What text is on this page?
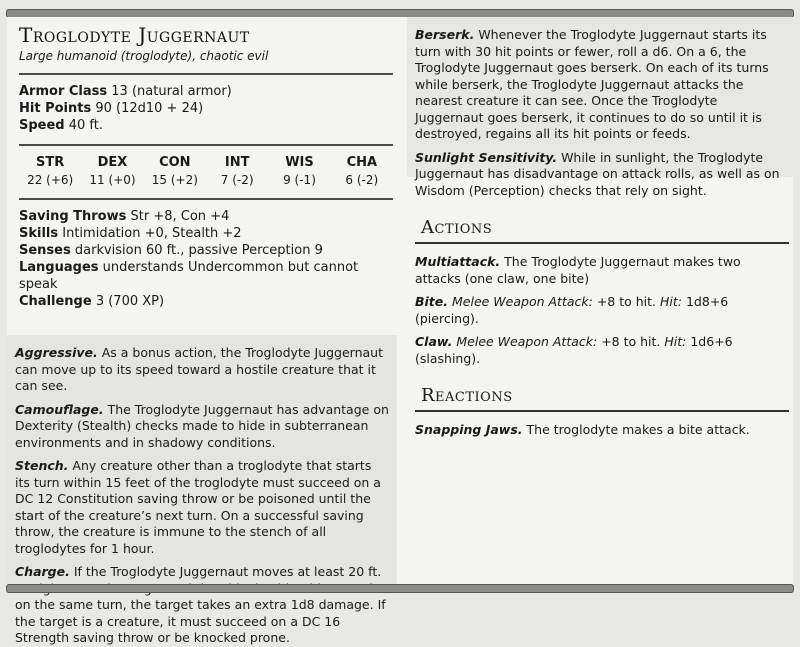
Troglodyte Juggernaut
Large humanoid (troglodyte), chaotic evil
Armor Class 13 (natural armor)
Hit Points 90 (12d10 + 24)
Speed 40 ft.
STR
22 (+6)
DEX
11 (+0)
CON
15 (+2)
INT
7 (-2)
WIS
9 (-1)
CHA
6 (-2)
Saving Throws Str +8, Con +4
Skills Intimidation +0, Stealth +2
Senses darkvision 60 ft., passive Perception 9
Languages understands Undercommon but cannot speak
Challenge 3 (700 XP)
Aggressive. As a bonus action, the Troglodyte Juggernaut can move up to its speed toward a hostile creature that it can see.
Camouflage. The Troglodyte Juggernaut has advantage on Dexterity (Stealth) checks made to hide in subterranean environments and in shadowy conditions.
Stench. Any creature other than a troglodyte that starts its turn within 15 feet of the troglodyte must succeed on a DC 12 Constitution saving throw or be poisoned until the start of the creature’s next turn. On a successful saving throw, the creature is immune to the stench of all troglodytes for 1 hour.
Charge. If the Troglodyte Juggernaut moves at least 20 ft. on the same turn, the target takes an extra 1d8 damage. If the target is a creature, it must succeed on a DC 16 Strength saving throw or be knocked prone.
Berserk. Whenever the Troglodyte Juggernaut starts its turn with 30 hit points or fewer, roll a d6. On a 6, the Troglodyte Juggernaut goes berserk. On each of its turns while berserk, the Troglodyte Juggernaut attacks the nearest creature it can see. Once the Troglodyte Juggernaut goes berserk, it continues to do so until it is destroyed, regains all its hit points or feeds.
Sunlight Sensitivity. While in sunlight, the Troglodyte Juggernaut has disadvantage on attack rolls, as well as on Wisdom (Perception) checks that rely on sight.
Actions
Multiattack. The Troglodyte Juggernaut makes two attacks (one claw, one bite)
Bite. Melee Weapon Attack: +8 to hit. Hit: 1d8+6 (piercing).
Claw. Melee Weapon Attack: +8 to hit. Hit: 1d6+6 (slashing).
Reactions
Snapping Jaws. The troglodyte makes a bite attack.
